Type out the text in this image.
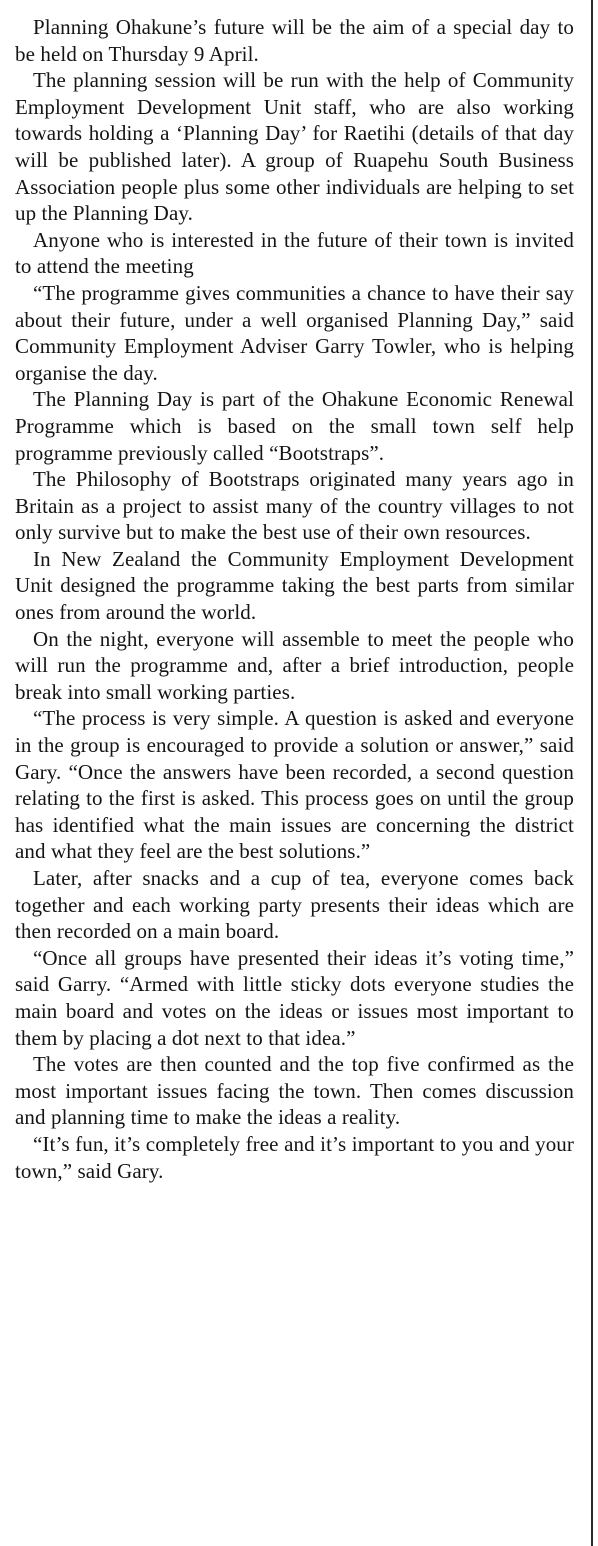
Planning Ohakune’s future will be the aim of a special day to be held on Thursday 9 April.

The planning session will be run with the help of Community Employment Development Unit staff, who are also working towards holding a ‘Planning Day’ for Raetihi (details of that day will be published later). A group of Ruapehu South Business Association people plus some other individuals are helping to set up the Planning Day.

Anyone who is interested in the future of their town is invited to attend the meeting

“The programme gives communities a chance to have their say about their future, under a well organised Planning Day,” said Community Employment Adviser Garry Towler, who is helping organise the day.

The Planning Day is part of the Ohakune Economic Renewal Programme which is based on the small town self help programme previously called “Bootstraps”.

The Philosophy of Bootstraps originated many years ago in Britain as a project to assist many of the country villages to not only survive but to make the best use of their own resources.

In New Zealand the Community Employment Development Unit designed the programme taking the best parts from similar ones from around the world.

On the night, everyone will assemble to meet the people who will run the programme and, after a brief introduction, people break into small working parties.

“The process is very simple. A question is asked and everyone in the group is encouraged to provide a solution or answer,” said Gary. “Once the answers have been recorded, a second question relating to the first is asked. This process goes on until the group has identified what the main issues are concerning the district and what they feel are the best solutions.”

Later, after snacks and a cup of tea, everyone comes back together and each working party presents their ideas which are then recorded on a main board.

“Once all groups have presented their ideas it’s voting time,” said Garry. “Armed with little sticky dots everyone studies the main board and votes on the ideas or issues most important to them by placing a dot next to that idea.”

The votes are then counted and the top five confirmed as the most important issues facing the town. Then comes discussion and planning time to make the ideas a reality.

“It’s fun, it’s completely free and it’s important to you and your town,” said Gary.
